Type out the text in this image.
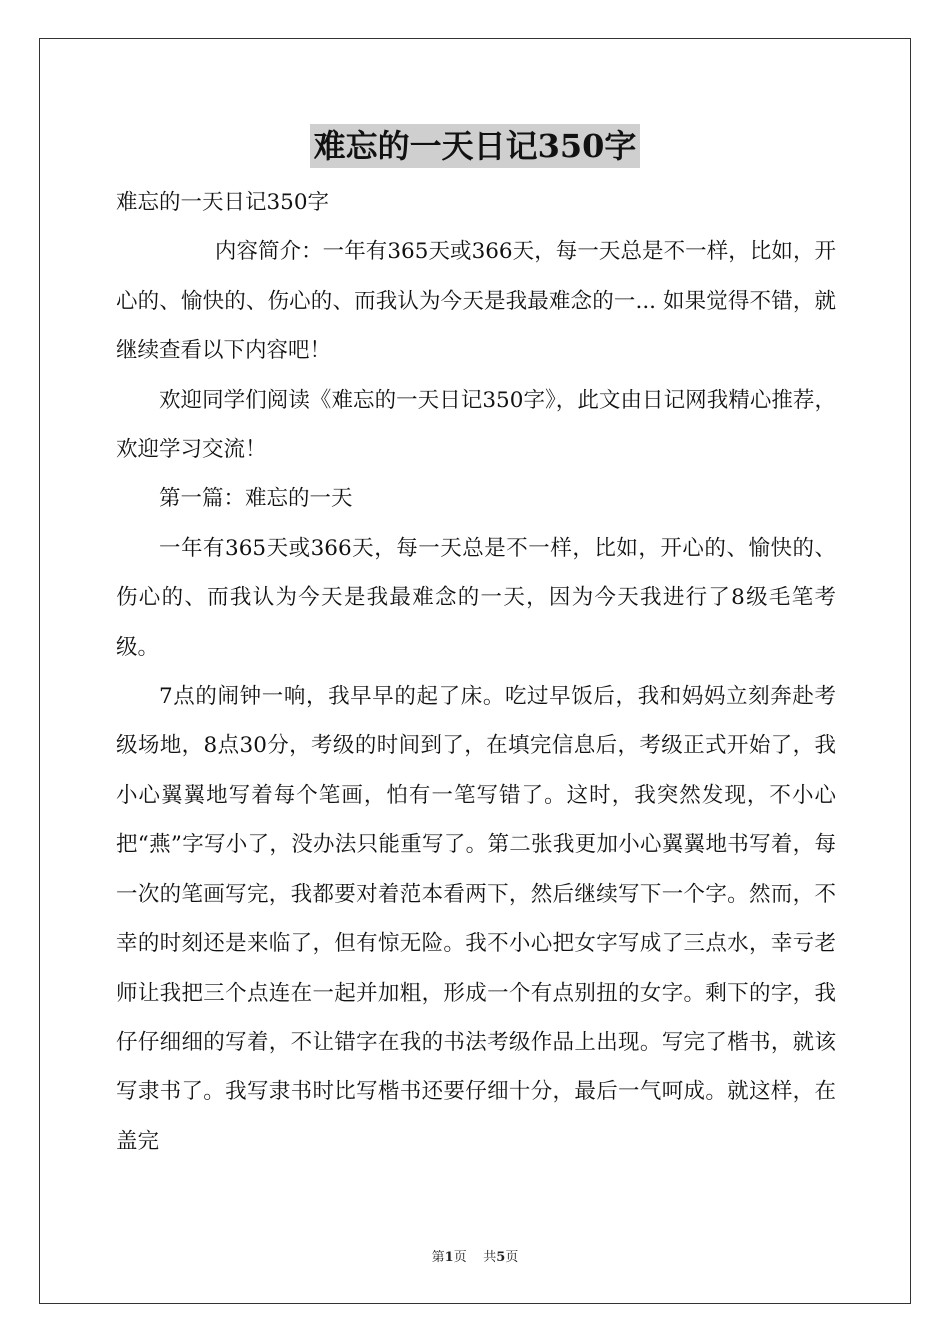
难忘的一天日记350字

难忘的一天日记350字

内容简介：一年有365天或366天，每一天总是不一样，比如，开心的、愉快的、伤心的、而我认为今天是我最难念的一... 如果觉得不错，就继续查看以下内容吧！

欢迎同学们阅读《难忘的一天日记350字》，此文由日记网我精心推荐，欢迎学习交流！

第一篇：难忘的一天

一年有365天或366天，每一天总是不一样，比如，开心的、愉快的、伤心的、而我认为今天是我最难念的一天，因为今天我进行了8级毛笔考级。

7点的闹钟一响，我早早的起了床。吃过早饭后，我和妈妈立刻奔赴考级场地，8点30分，考级的时间到了，在填完信息后，考级正式开始了，我小心翼翼地写着每个笔画，怕有一笔写错了。这时，我突然发现，不小心把“燕”字写小了，没办法只能重写了。第二张我更加小心翼翼地书写着，每一次的笔画写完，我都要对着范本看两下，然后继续写下一个字。然而，不幸的时刻还是来临了，但有惊无险。我不小心把女字写成了三点水，幸亏老师让我把三个点连在一起并加粗，形成一个有点别扭的女字。剩下的字，我仔仔细细的写着，不让错字在我的书法考级作品上出现。写完了楷书，就该写隶书了。我写隶书时比写楷书还要仔细十分，最后一气呵成。就这样，在盖完

第1页 共5页
